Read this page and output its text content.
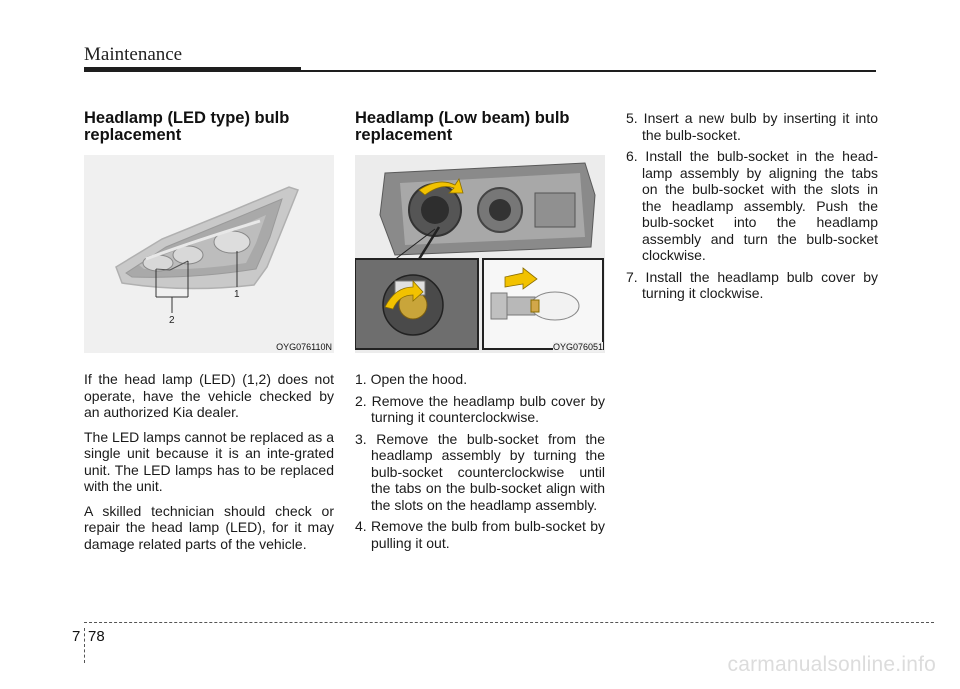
Maintenance
Headlamp (LED type) bulb replacement
1
2
OYG076110N

If the head lamp (LED) (1,2) does not operate, have the vehicle checked by an authorized Kia dealer.

The LED lamps cannot be replaced as a single unit because it is an inte-grated unit. The LED lamps has to be replaced with the unit.

A skilled technician should check or repair the head lamp (LED), for it may damage related parts of the vehicle.

Headlamp (Low beam) bulb replacement
OYG076051
1. Open the hood.
2. Remove the headlamp bulb cover by turning it counterclockwise.
3. Remove the bulb-socket from the headlamp assembly by turning the bulb-socket counterclockwise until the tabs on the bulb-socket align with the slots on the headlamp assembly.
4. Remove the bulb from bulb-socket by pulling it out.
5. Insert a new bulb by inserting it into the bulb-socket.
6. Install the bulb-socket in the head-lamp assembly by aligning the tabs on the bulb-socket with the slots in the headlamp assembly. Push the bulb-socket into the headlamp assembly and turn the bulb-socket clockwise.
7. Install the headlamp bulb cover by turning it clockwise.
7 78
carmanualsonline.info
